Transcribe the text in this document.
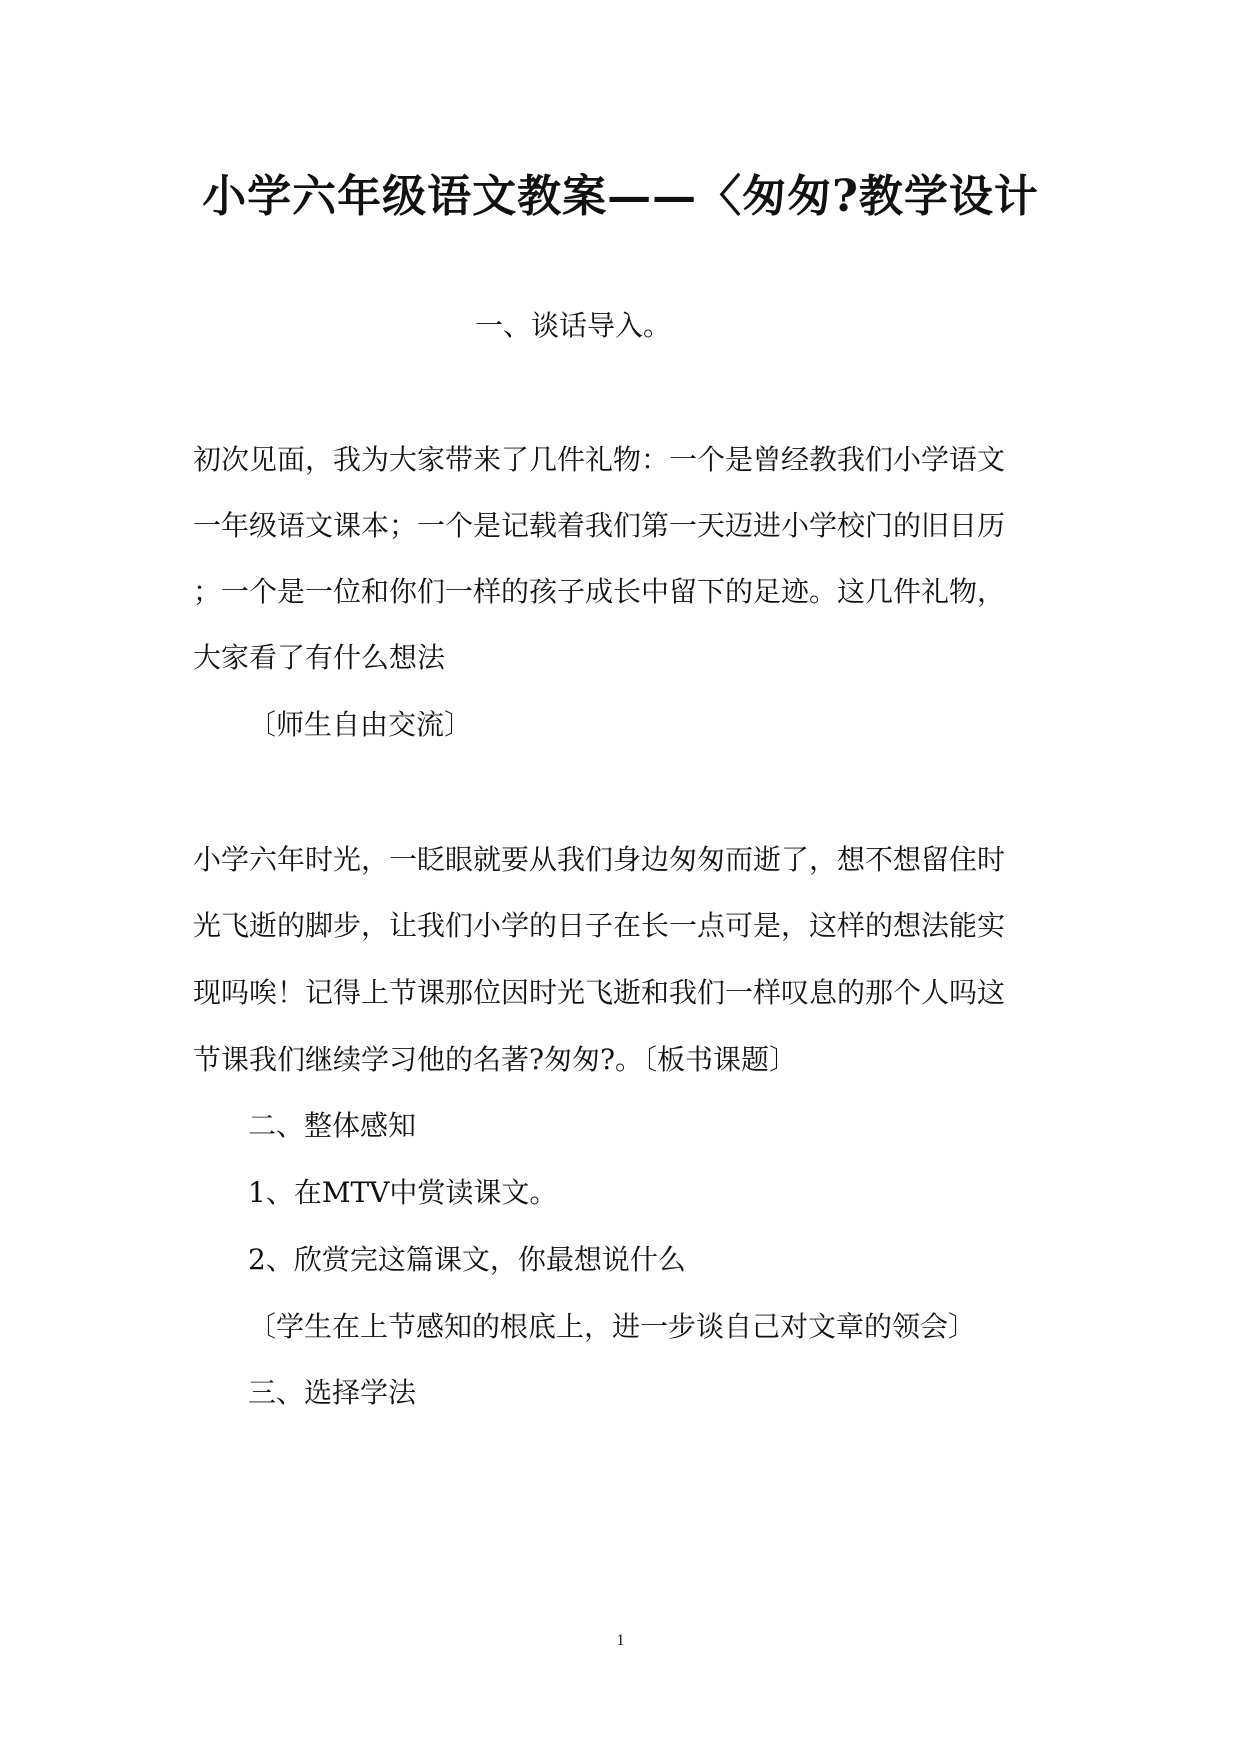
小学六年级语文教案——〈匆匆?教学设计
一、谈话导入。
初次见面，我为大家带来了几件礼物：一个是曾经教我们小学语文
一年级语文课本；一个是记载着我们第一天迈进小学校门的旧日历
；一个是一位和你们一样的孩子成长中留下的足迹。这几件礼物，
大家看了有什么想法
〔师生自由交流〕
小学六年时光，一眨眼就要从我们身边匆匆而逝了，想不想留住时
光飞逝的脚步，让我们小学的日子在长一点可是，这样的想法能实
现吗唉！记得上节课那位因时光飞逝和我们一样叹息的那个人吗这
节课我们继续学习他的名著?匆匆?。〔板书课题〕
二、整体感知
1、在MTV中赏读课文。
2、欣赏完这篇课文，你最想说什么
〔学生在上节感知的根底上，进一步谈自己对文章的领会〕
三、选择学法
1
